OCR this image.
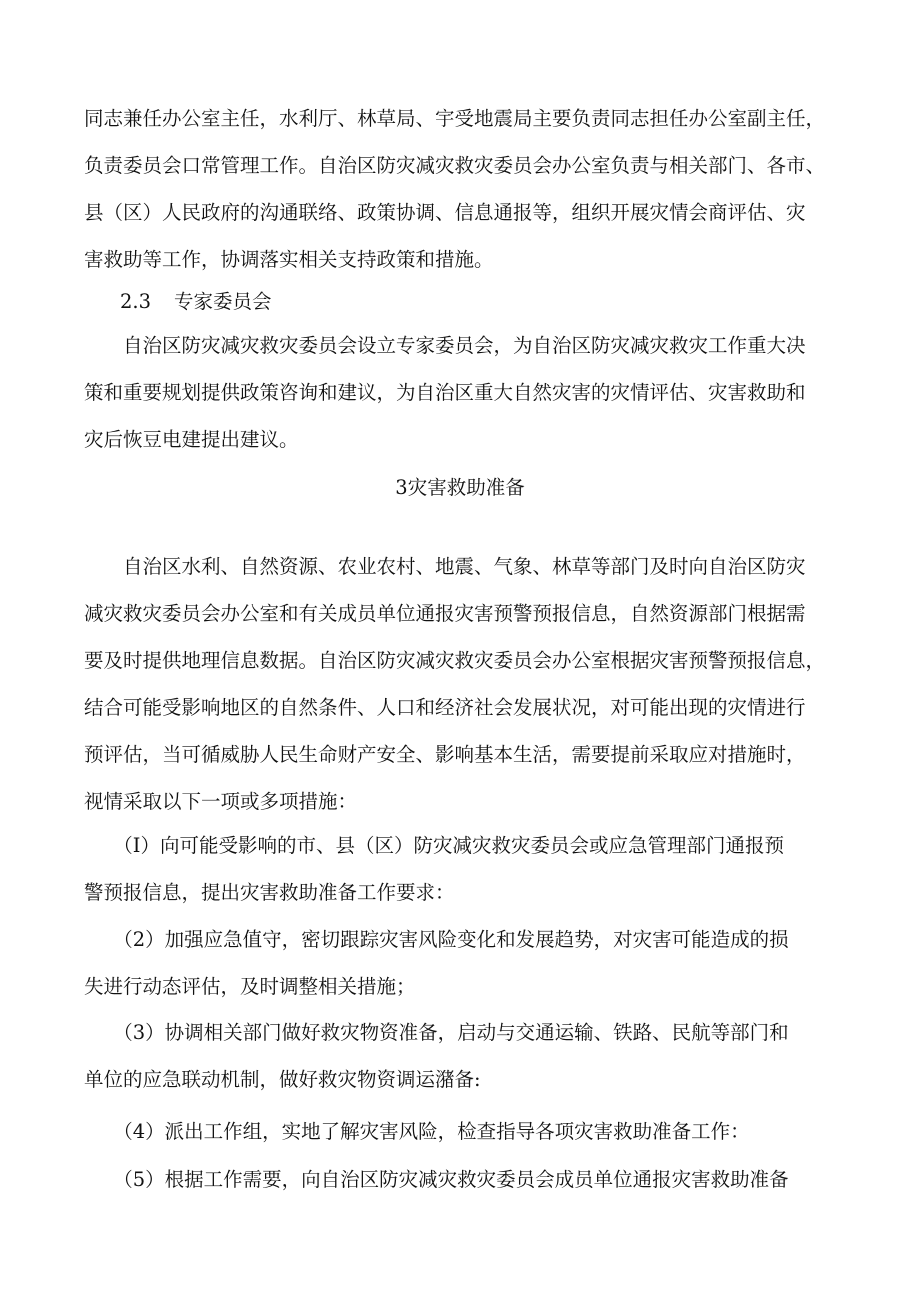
同志兼任办公室主任，水利厅、林草局、宇受地震局主要负责同志担任办公室副主任，
负责委员会口常管理工作。自治区防灾减灾救灾委员会办公室负责与相关部门、各市、
县（区）人民政府的沟通联络、政策协调、信息通报等，组织开展灾情会商评估、灾
害救助等工作，协调落实相关支持政策和措施。
2.3 专家委员会
　　自治区防灾减灾救灾委员会设立专家委员会，为自治区防灾减灾救灾工作重大决
策和重要规划提供政策咨询和建议，为自治区重大自然灾害的灾情评估、灾害救助和
灾后恢豆电建提出建议。
3灾害救助准备
　　自治区水利、自然资源、农业农村、地震、气象、林草等部门及时向自治区防灾
减灾救灾委员会办公室和有关成员单位通报灾害预警预报信息，自然资源部门根据需
要及时提供地理信息数据。自治区防灾减灾救灾委员会办公室根据灾害预警预报信息，
结合可能受影响地区的自然条件、人口和经济社会发展状况，对可能出现的灾情进行
预评估，当可循威胁人民生命财产安全、影响基本生活，需要提前采取应对措施时，
视情采取以下一项或多项措施：
　　（I）向可能受影响的市、县（区）防灾减灾救灾委员会或应急管理部门通报预
警预报信息，提出灾害救助准备工作要求：
　　（2）加强应急值守，密切跟踪灾害风险变化和发展趋势，对灾害可能造成的损
失进行动态评估，及时调整相关措施；
　　（3）协调相关部门做好救灾物资准备，启动与交通运输、铁路、民航等部门和
单位的应急联动机制，做好救灾物资调运潴备:
　　（4）派出工作组，实地了解灾害风险，检查指导各项灾害救助准备工作：
　　（5）根据工作需要，向自治区防灾减灾救灾委员会成员单位通报灾害救助准备
